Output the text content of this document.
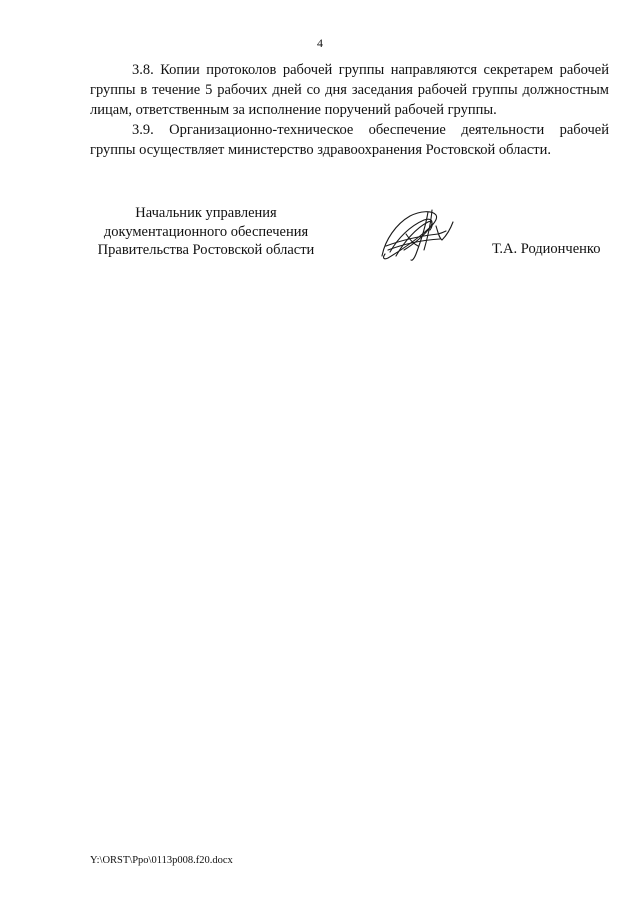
4

3.8. Копии протоколов рабочей группы направляются секретарем рабочей группы в течение 5 рабочих дней со дня заседания рабочей группы должностным лицам, ответственным за исполнение поручений рабочей группы.

3.9. Организационно-техническое обеспечение деятельности рабочей группы осуществляет министерство здравоохранения Ростовской области.

Начальник управления
документационного обеспечения
Правительства Ростовской области	Т.А. Родионченко
Y:\ORST\Ppo\0113p008.f20.docx
